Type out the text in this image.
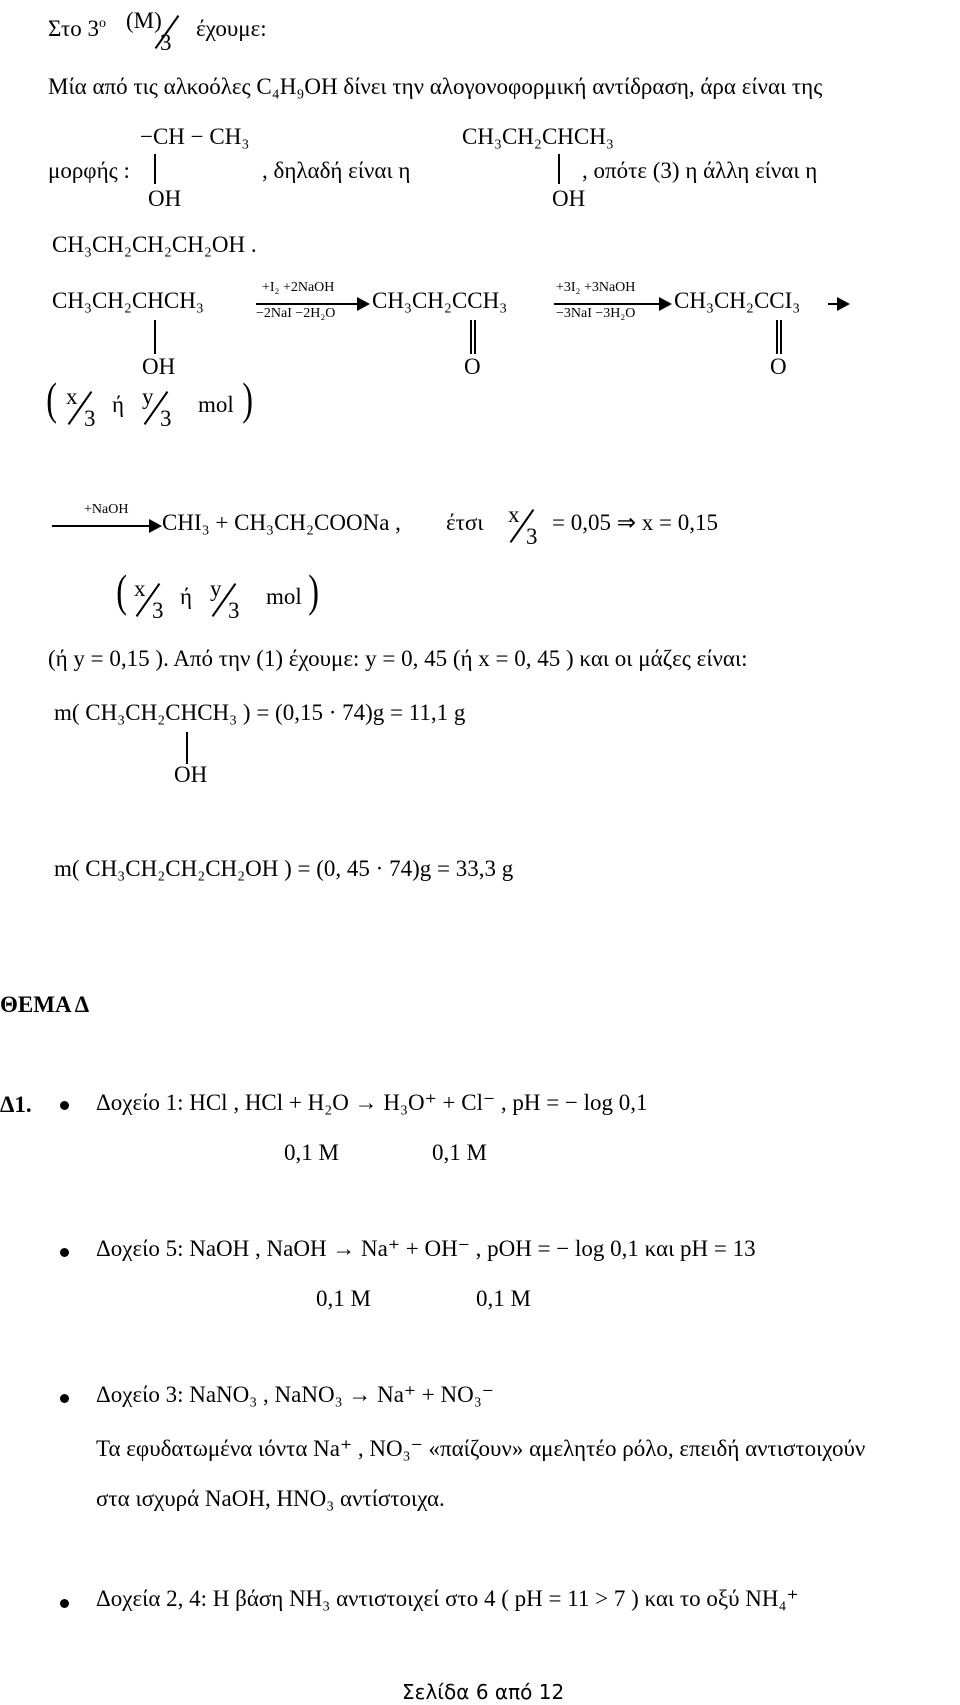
Στο $3^o$ (M)
3
έχουμε:
Μία από τις αλκοόλες C₄H₉OH δίνει την αλογονοφορμική αντίδραση, άρα είναι της
−CH − CH₃
μορφής :	, δηλαδή είναι η
OH
CH₃CH₂CHCH₃
, οπότε (3) η άλλη είναι η
OH
CH₃CH₂CH₂CH₂OH .
CH₃CH₂CHCH₃
+I₂ +2NaOH
−2NaI −2H₂O
CH₃CH₂CCH₃
+3I₂ +3NaOH
−3NaI −3H₂O
CH₃CH₂CCI₃
OH	O	O
( x
3
ή y
3
mol )
+NaOH
CHI₃ + CH₃CH₂COONa , έτσι x
3
= 0,05 ⇒ x = 0,15
( x
3
ή y
3
mol )
(ή y = 0,15 ). Από την (1) έχουμε: y = 0, 45 (ή x = 0, 45 ) και οι μάζες είναι:
m( CH₃CH₂CHCH₃ ) = (0,15 · 74)g = 11,1 g
OH
m( CH₃CH₂CH₂CH₂OH ) = (0, 45 · 74)g = 33,3 g
ΘΕΜΑ Δ
Δ1.	Δοχείο 1: HCl , HCl + H₂O → H₃O⁺ + Cl⁻ , pH = − log 0,1
0,1 M	0,1 M
Δοχείο 5: NaOH , NaOH → Na⁺ + OH⁻ , pOH = − log 0,1 και pH = 13
0,1 M	0,1 M
Δοχείο 3: NaNO₃ , NaNO₃ → Na⁺ + NO₃⁻
Τα εφυδατωμένα ιόντα Na⁺ , NO₃⁻ «παίζουν» αμελητέο ρόλο, επειδή αντιστοιχούν
στα ισχυρά NaOH, HNO₃ αντίστοιχα.
Δοχεία 2, 4: Η βάση NH₃ αντιστοιχεί στο 4 ( pH = 11 > 7 ) και το οξύ NH₄⁺
Σελίδα 6 από 12
